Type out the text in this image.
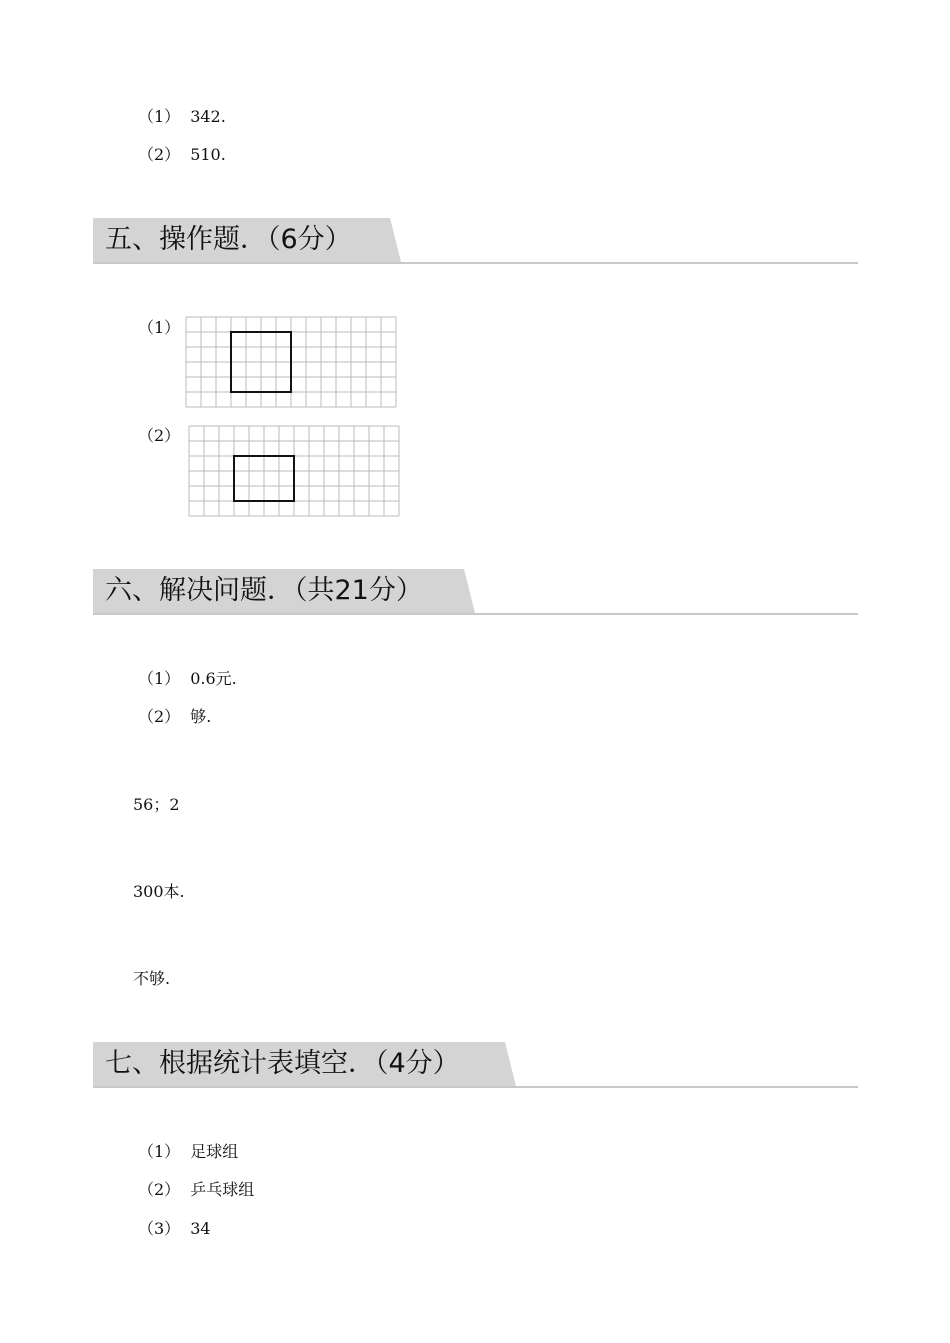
（1） 342.
（2） 510.
五、操作题．（6分）
（1）
（2）
六、解决问题．（共21分）
（1） 0.6元.
（2） 够.
56；2
300本.
不够.
七、根据统计表填空．（4分）
（1） 足球组
（2） 乒乓球组
（3） 34
